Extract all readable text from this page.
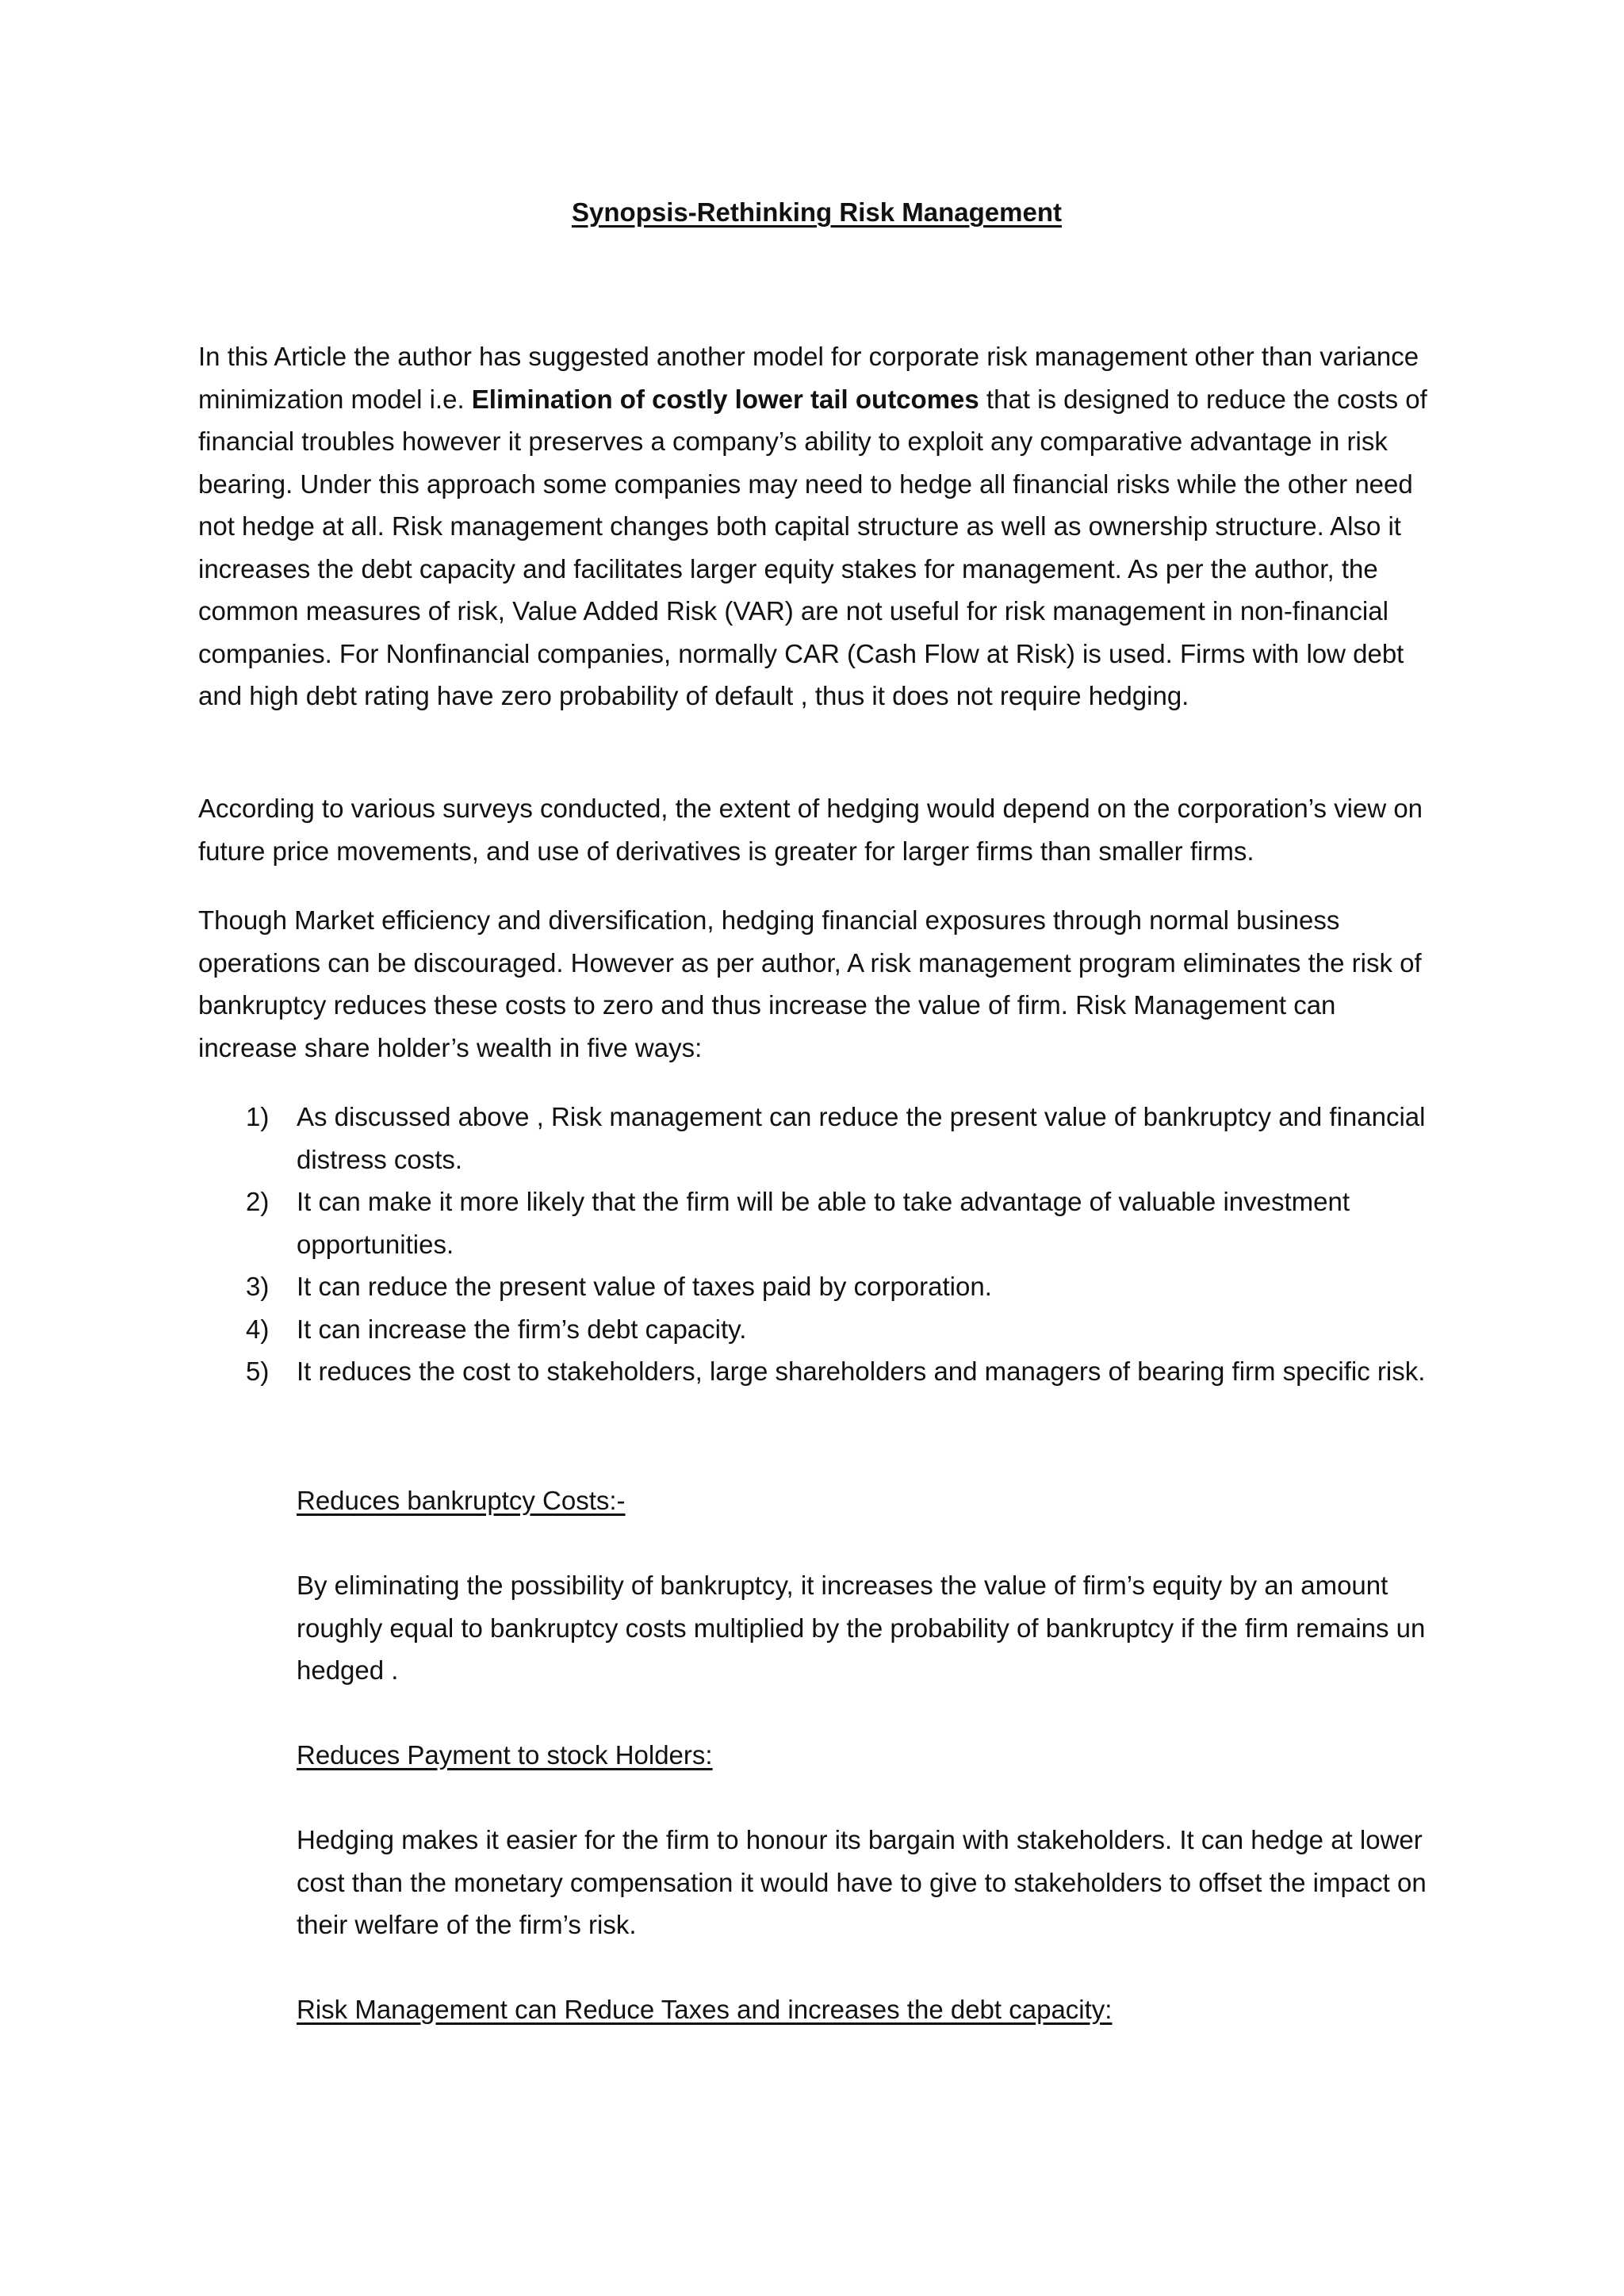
Synopsis-Rethinking Risk Management

In this Article the author has suggested another model for corporate risk management other than variance minimization model i.e. Elimination of costly lower tail outcomes that is designed to reduce the costs of financial troubles however it preserves a company’s ability to exploit any comparative advantage in risk bearing. Under this approach some companies may need to hedge all financial risks while the other need not hedge at all. Risk management changes both capital structure as well as ownership structure. Also it increases the debt capacity and facilitates larger equity stakes for management. As per the author, the common measures of risk, Value Added Risk (VAR) are not useful for risk management in non-financial companies. For Nonfinancial companies, normally CAR (Cash Flow at Risk) is used. Firms with low debt and high debt rating have zero probability of default , thus it does not require hedging.

According to various surveys conducted, the extent of hedging would depend on the corporation’s view on future price movements, and use of derivatives is greater for larger firms than smaller firms.

Though Market efficiency and diversification, hedging financial exposures through normal business operations can be discouraged. However as per author, A risk management program eliminates the risk of bankruptcy reduces these costs to zero and thus increase the value of firm. Risk Management can increase share holder’s wealth in five ways:

1) As discussed above , Risk management can reduce the present value of bankruptcy and financial distress costs.
2) It can make it more likely that the firm will be able to take advantage of valuable investment opportunities.
3) It can reduce the present value of taxes paid by corporation.
4) It can increase the firm’s debt capacity.
5) It reduces the cost to stakeholders, large shareholders and managers of bearing firm specific risk.
Reduces bankruptcy Costs:-

By eliminating the possibility of bankruptcy, it increases the value of firm’s equity by an amount roughly equal to bankruptcy costs multiplied by the probability of bankruptcy if the firm remains un hedged .

Reduces Payment to stock Holders:

Hedging makes it easier for the firm to honour its bargain with stakeholders. It can hedge at lower cost than the monetary compensation it would have to give to stakeholders to offset the impact on their welfare of the firm’s risk.

Risk Management can Reduce Taxes and increases the debt capacity:
